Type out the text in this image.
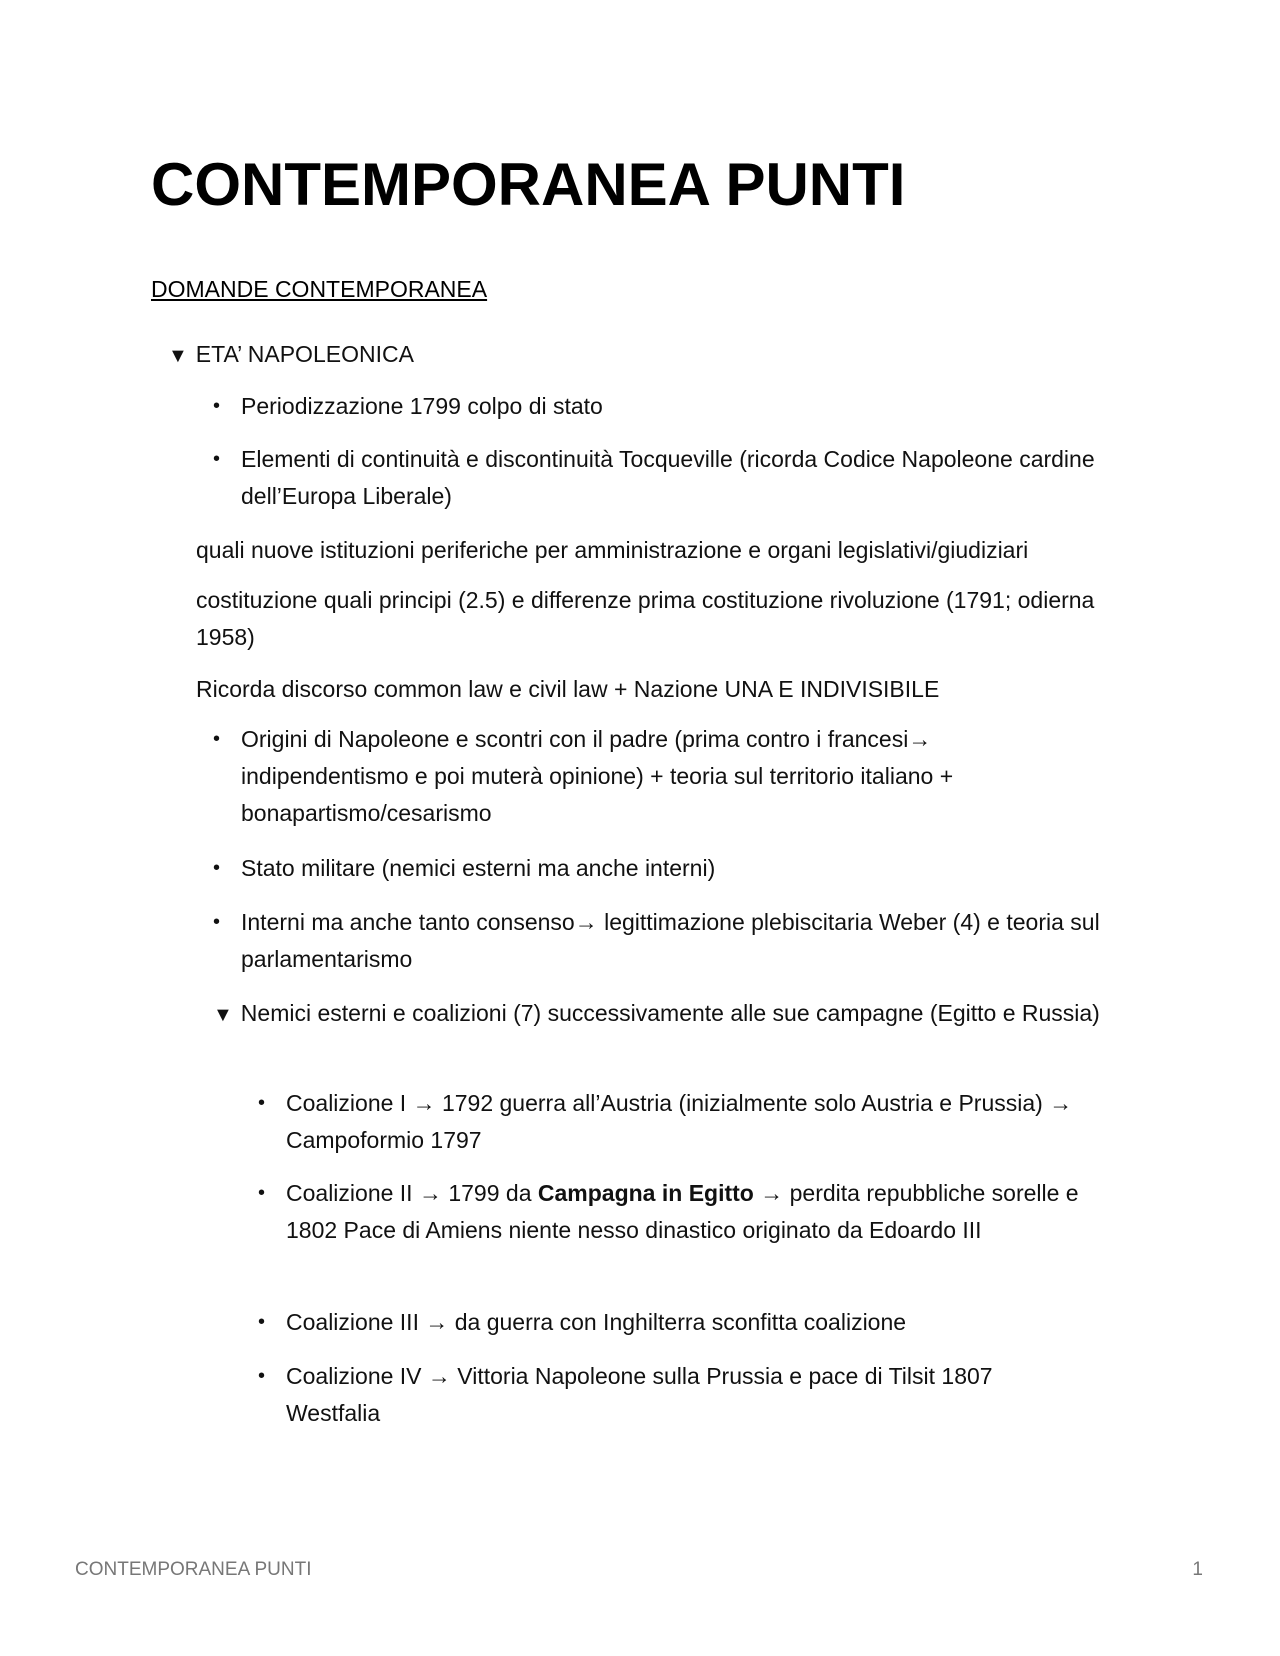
CONTEMPORANEA PUNTI
DOMANDE CONTEMPORANEA
▼ ETA’ NAPOLEONICA
• Periodizzazione 1799 colpo di stato
• Elementi di continuità e discontinuità Tocqueville (ricorda Codice Napoleone cardine dell’Europa Liberale)
quali nuove istituzioni periferiche per amministrazione e organi legislativi/giudiziari
costituzione quali principi (2.5) e differenze prima costituzione rivoluzione (1791; odierna 1958)
Ricorda discorso common law e civil law + Nazione UNA E INDIVISIBILE
• Origini di Napoleone e scontri con il padre (prima contro i francesi→ indipendentismo e poi muterà opinione) + teoria sul territorio italiano + bonapartismo/cesarismo
• Stato militare (nemici esterni ma anche interni)
• Interni ma anche tanto consenso→ legittimazione plebiscitaria Weber (4) e teoria sul parlamentarismo
▼ Nemici esterni e coalizioni (7) successivamente alle sue campagne (Egitto e Russia)
• Coalizione I → 1792 guerra all’Austria (inizialmente solo Austria e Prussia) → Campoformio 1797
• Coalizione II → 1799 da Campagna in Egitto → perdita repubbliche sorelle e 1802 Pace di Amiens niente nesso dinastico originato da Edoardo III
• Coalizione III → da guerra con Inghilterra sconfitta coalizione
• Coalizione IV → Vittoria Napoleone sulla Prussia e pace di Tilsit 1807 Westfalia
CONTEMPORANEA PUNTI	1
